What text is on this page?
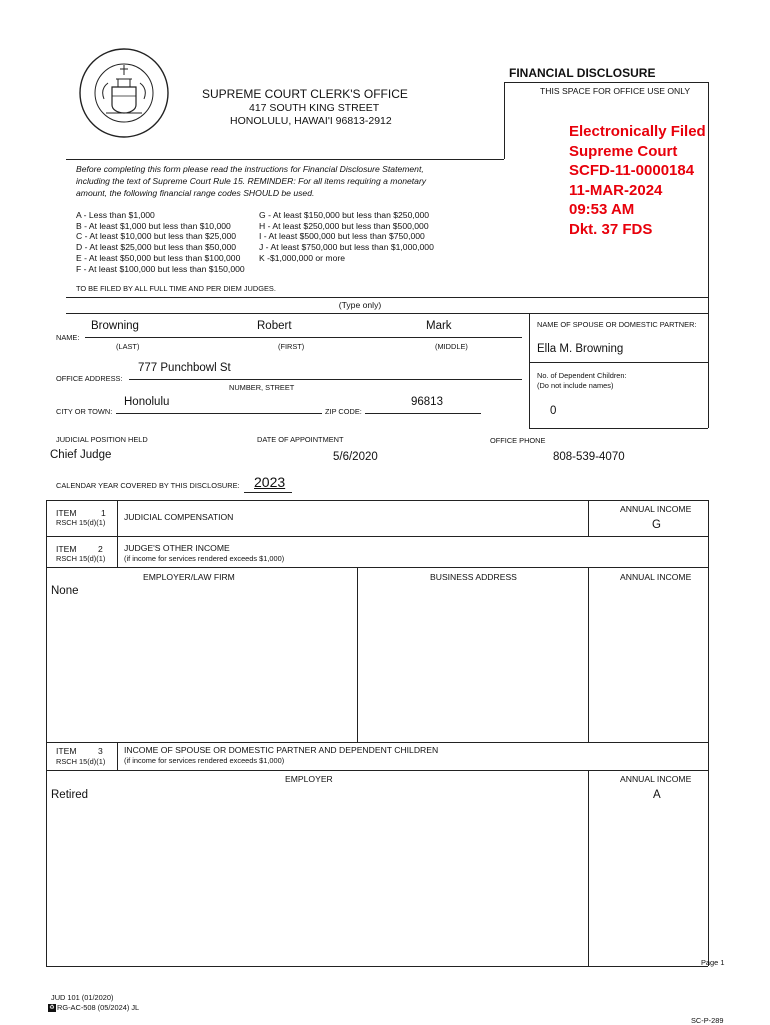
FINANCIAL DISCLOSURE
THIS SPACE FOR OFFICE USE ONLY
SUPREME COURT CLERK'S OFFICE
417 SOUTH KING STREET
HONOLULU, HAWAI'I 96813-2912
Electronically Filed
Supreme Court
SCFD-11-0000184
11-MAR-2024
09:53 AM
Dkt. 37 FDS
Before completing this form please read the instructions for Financial Disclosure Statement,
including the text of Supreme Court Rule 15. REMINDER: For all items requiring a monetary
amount, the following financial range codes SHOULD be used.
A - Less than $1,000
B - At least $1,000 but less than $10,000
C - At least $10,000 but less than $25,000
D - At least $25,000 but less than $50,000
E - At least $50,000 but less than $100,000
F - At least $100,000 but less than $150,000
G - At least $150,000 but less than $250,000
H - At least $250,000 but less than $500,000
I - At least $500,000 but less than $750,000
J - At least $750,000 but less than $1,000,000
K -$1,000,000 or more
TO BE FILED BY ALL FULL TIME AND PER DIEM JUDGES.
(Type only)
NAME OF SPOUSE OR DOMESTIC PARTNER:
Ella M. Browning
No. of Dependent Children:
(Do not include names)
0
NAME:
Browning	Robert	Mark
(LAST)	(FIRST)	(MIDDLE)
OFFICE ADDRESS:
777 Punchbowl St
NUMBER, STREET
CITY OR TOWN:
Honolulu
ZIP CODE:
96813
JUDICIAL POSITION HELD	DATE OF APPOINTMENT	OFFICE PHONE
Chief Judge	5/6/2020	808-539-4070
CALENDAR YEAR COVERED BY THIS DISCLOSURE: 2023
ITEM	1
RSCH 15(d)(1)
JUDICIAL COMPENSATION
ANNUAL INCOME
G
ITEM 2
RSCH 15(d)(1)
JUDGE'S OTHER INCOME
(if income for services rendered exceeds $1,000)
EMPLOYER/LAW FIRM	BUSINESS ADDRESS	ANNUAL INCOME
None
ITEM 3
RSCH 15(d)(1)
INCOME OF SPOUSE OR DOMESTIC PARTNER AND DEPENDENT CHILDREN
(if income for services rendered exceeds $1,000)
EMPLOYER	ANNUAL INCOME
Retired	A
Page 1
JUD 101 (01/2020)
♻ RG-AC-508 (05/2024) JL
SC-P-289
